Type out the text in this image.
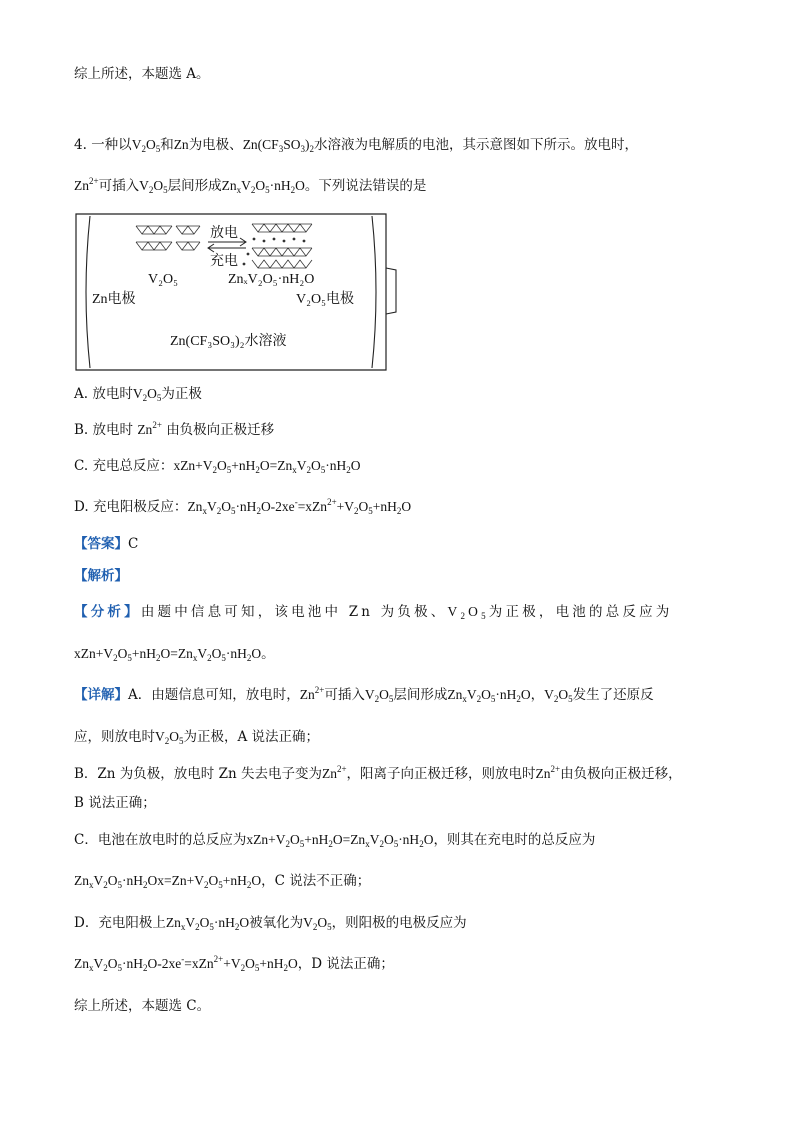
综上所述，本题选 A。
4. 一种以$V_2O_5$和Zn为电极、$Zn(CF_3SO_3)_2$水溶液为电解质的电池，其示意图如下所示。放电时，
$Zn^{2+}$可插入$V_2O_5$层间形成$Zn_xV_2O_5\cdot nH_2O$。下列说法错误的是
放电
充电
V₂O₅	ZnₓV₂O₅·nH₂O
Zn电极	V₂O₅电极
Zn(CF₃SO₃)₂水溶液
A. 放电时$V_2O_5$为正极
B. 放电时 $Zn^{2+}$ 由负极向正极迁移
C. 充电总反应：$xZn+V_2O_5+nH_2O=Zn_xV_2O_5\cdot nH_2O$
D. 充电阳极反应：$Zn_xV_2O_5\cdot nH_2O-2xe^-=xZn^{2+}+V_2O_5+nH_2O$
【答案】C
【解析】
【分析】由题中信息可知，该电池中 Zn 为负极、$V_2O_5$为正极，电池的总反应为
$xZn+V_2O_5+nH_2O=Zn_xV_2O_5\cdot nH_2O$。
【详解】A．由题信息可知，放电时，$Zn^{2+}$可插入$V_2O_5$层间形成$Zn_xV_2O_5\cdot nH_2O$，$V_2O_5$发生了还原反
应，则放电时$V_2O_5$为正极，A 说法正确；
B．Zn 为负极，放电时 Zn 失去电子变为$Zn^{2+}$，阳离子向正极迁移，则放电时$Zn^{2+}$由负极向正极迁移，
B 说法正确；
C．电池在放电时的总反应为$xZn+V_2O_5+nH_2O=Zn_xV_2O_5\cdot nH_2O$，则其在充电时的总反应为
$Zn_xV_2O_5\cdot nH_2Ox=Zn+V_2O_5+nH_2O$，C 说法不正确；
D．充电阳极上$Zn_xV_2O_5\cdot nH_2O$被氧化为$V_2O_5$，则阳极的电极反应为
$Zn_xV_2O_5\cdot nH_2O-2xe^-=xZn^{2+}+V_2O_5+nH_2O$，D 说法正确；
综上所述，本题选 C。
